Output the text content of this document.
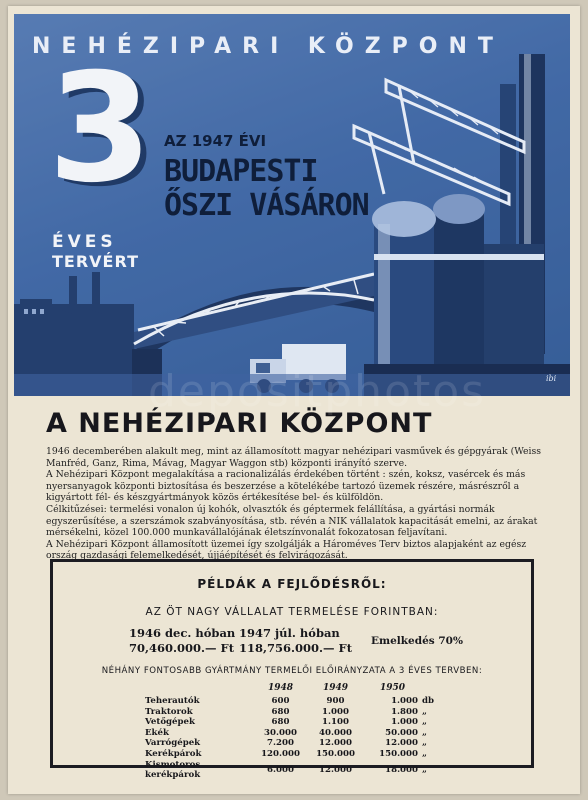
NEHÉZIPARI KÖZPONT
3
ÉVES
TERVÉRT
AZ 1947 ÉVI
BUDAPESTI
ŐSZI VÁSÁRON
ibi
A NEHÉZIPARI KÖZPONT

1946 decemberében alakult meg, mint az államosított magyar nehézipari vasművek és gépgyárak (Weiss Manfréd, Ganz, Rima, Mávag, Magyar Waggon stb) központi irányító szerve.

A Nehézipari Központ megalakítása a racionalizálás érdekében történt : szén, koksz, vasércek és más nyersanyagok központi biztosítása és beszerzése a kötelékébe tartozó üzemek részére, másrészről a kigyártott fél- és készgyártmányok közös értékesítése bel- és külföldön.

Célkitűzései: termelési vonalon új kohók, olvasztók és géptermek felállítása, a gyártási normák egyszerűsítése, a szerszámok szabványosítása, stb. révén a NIK vállalatok kapacitását emelni, az árakat mérsékelni, közel 100.000 munkavállalójának életszínvonalát fokozatosan feljavítani.

A Nehézipari Központ államosított üzemei így szolgálják a Hároméves Terv biztos alapjaként az egész ország gazdasági felemelkedését, újjáépítését és felvirágozását.

PÉLDÁK A FEJLŐDÉSRŐL:
AZ ÖT NAGY VÁLLALAT TERMELÉSE FORINTBAN:
1946 dec. hóban
70,460.000.— Ft
1947 júl. hóban
118,756.000.— Ft Emelkedés 70%
NÉHÁNY FONTOSABB GYÁRTMÁNY TERMELŐI ELŐIRÁNYZATA A 3 ÉVES TERVBEN:
	1948	1949	1950	
Teherautók	600	900	1.000	db
Traktorok	680	1.000	1.800	„
Vetőgépek	680	1.100	1.000	„
Ekék	30.000	40.000	50.000	„
Varrógépek	7.200	12.000	12.000	„
Kerékpárok	120.000	150.000	150.000	„
Kismotoros kerékpárok	6.000	12.000	18.000	„
